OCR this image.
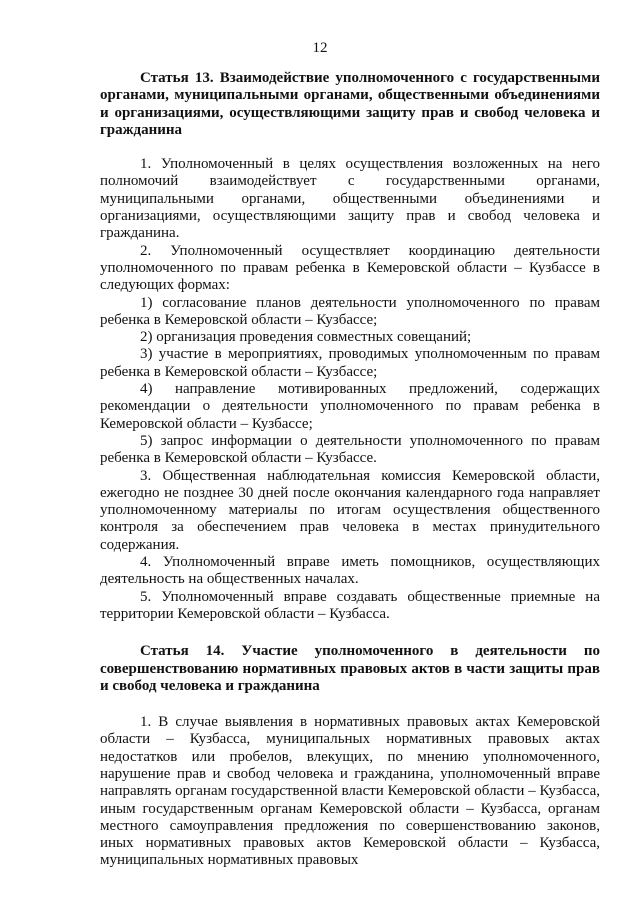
12

Статья 13. Взаимодействие уполномоченного с государственными органами, муниципальными органами, общественными объединениями и организациями, осуществляющими защиту прав и свобод человека и гражданина

1. Уполномоченный в целях осуществления возложенных на него полномочий взаимодействует с государственными органами, муниципальными органами, общественными объединениями и организациями, осуществляющими защиту прав и свобод человека и гражданина.

2. Уполномоченный осуществляет координацию деятельности уполномоченного по правам ребенка в Кемеровской области – Кузбассе в следующих формах:

1) согласование планов деятельности уполномоченного по правам ребенка в Кемеровской области – Кузбассе;

2) организация проведения совместных совещаний;

3) участие в мероприятиях, проводимых уполномоченным по правам ребенка в Кемеровской области – Кузбассе;

4) направление мотивированных предложений, содержащих рекомендации о деятельности уполномоченного по правам ребенка в Кемеровской области – Кузбассе;

5) запрос информации о деятельности уполномоченного по правам ребенка в Кемеровской области – Кузбассе.

3. Общественная наблюдательная комиссия Кемеровской области, ежегодно не позднее 30 дней после окончания календарного года направляет уполномоченному материалы по итогам осуществления общественного контроля за обеспечением прав человека в местах принудительного содержания.

4. Уполномоченный вправе иметь помощников, осуществляющих деятельность на общественных началах.

5. Уполномоченный вправе создавать общественные приемные на территории Кемеровской области – Кузбасса.

Статья 14. Участие уполномоченного в деятельности по совершенствованию нормативных правовых актов в части защиты прав и свобод человека и гражданина

1. В случае выявления в нормативных правовых актах Кемеровской области – Кузбасса, муниципальных нормативных правовых актах недостатков или пробелов, влекущих, по мнению уполномоченного, нарушение прав и свобод человека и гражданина, уполномоченный вправе направлять органам государственной власти Кемеровской области – Кузбасса, иным государственным органам Кемеровской области – Кузбасса, органам местного самоуправления предложения по совершенствованию законов, иных нормативных правовых актов Кемеровской области – Кузбасса, муниципальных нормативных правовых
